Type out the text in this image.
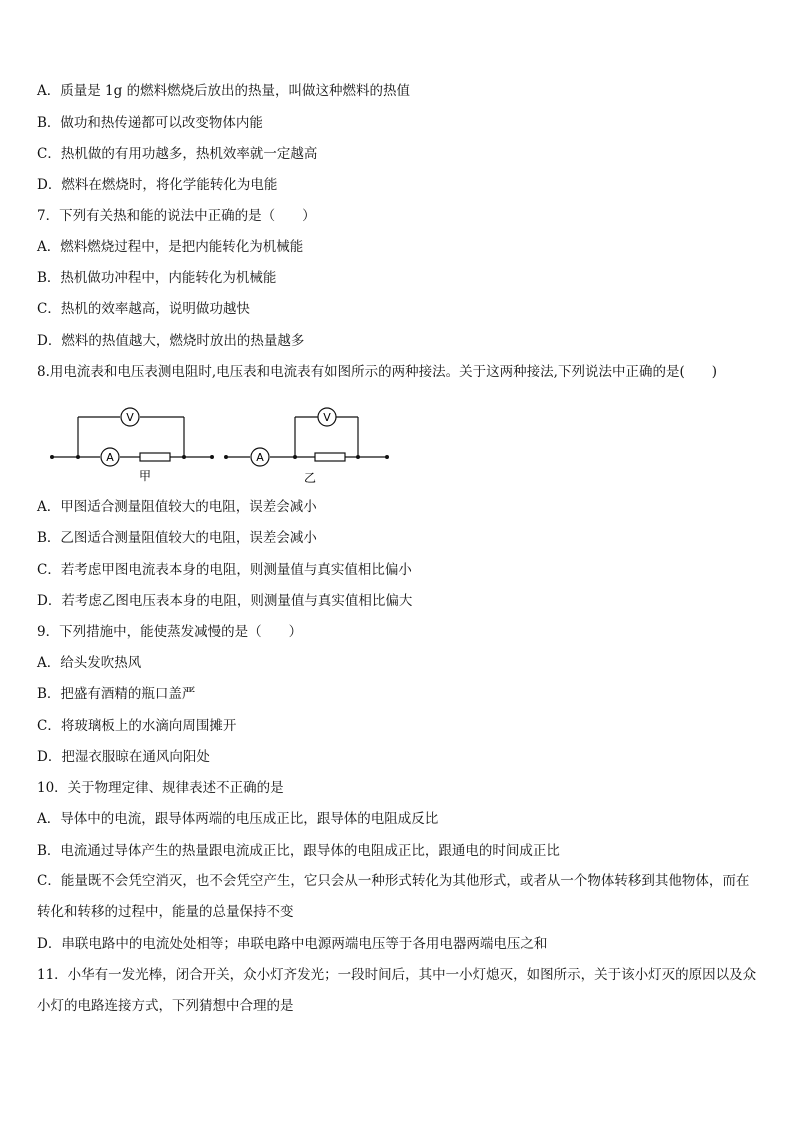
A．质量是 1g 的燃料燃烧后放出的热量，叫做这种燃料的热值
B．做功和热传递都可以改变物体内能
C．热机做的有用功越多，热机效率就一定越高
D．燃料在燃烧时，将化学能转化为电能
7．下列有关热和能的说法中正确的是（　　）
A．燃料燃烧过程中，是把内能转化为机械能
B．热机做功冲程中，内能转化为机械能
C．热机的效率越高，说明做功越快
D．燃料的热值越大，燃烧时放出的热量越多
8.用电流表和电压表测电阻时,电压表和电流表有如图所示的两种接法。关于这两种接法,下列说法中正确的是(　　)
V
A
V
A
甲	乙
A．甲图适合测量阻值较大的电阻，误差会减小
B．乙图适合测量阻值较大的电阻，误差会减小
C．若考虑甲图电流表本身的电阻，则测量值与真实值相比偏小
D．若考虑乙图电压表本身的电阻，则测量值与真实值相比偏大
9．下列措施中，能使蒸发减慢的是（　　）
A．给头发吹热风
B．把盛有酒精的瓶口盖严
C．将玻璃板上的水滴向周围摊开
D．把湿衣服晾在通风向阳处
10．关于物理定律、规律表述不正确的是
A．导体中的电流，跟导体两端的电压成正比，跟导体的电阻成反比
B．电流通过导体产生的热量跟电流成正比，跟导体的电阻成正比，跟通电的时间成正比
C．能量既不会凭空消灭，也不会凭空产生，它只会从一种形式转化为其他形式，或者从一个物体转移到其他物体，而在转化和转移的过程中，能量的总量保持不变
D．串联电路中的电流处处相等；串联电路中电源两端电压等于各用电器两端电压之和
11．小华有一发光棒，闭合开关，众小灯齐发光；一段时间后，其中一小灯熄灭，如图所示，关于该小灯灭的原因以及众小灯的电路连接方式，下列猜想中合理的是
